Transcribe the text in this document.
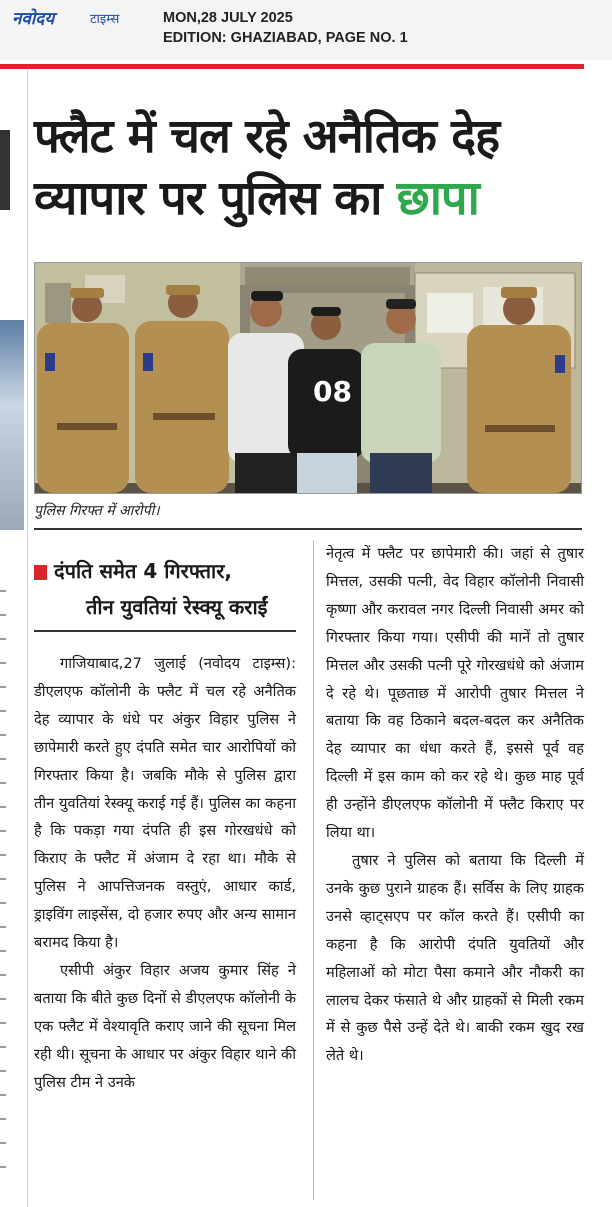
नवोदय	टाइम्स	MON,28 JULY 2025
EDITION: GHAZIABAD, PAGE NO. 1
फ्लैट में चल रहे अनैतिक देह
व्यापार पर पुलिस का छापा
08
पुलिस गिरफ्त में आरोपी।
दंपति समेत 4 गिरफ्तार,
तीन युवतियां रेस्क्यू कराईं

गाजियाबाद,27 जुलाई (नवोदय टाइम्स): डीएलएफ कॉलोनी के फ्लैट में चल रहे अनैतिक देह व्यापार के धंधे पर अंकुर विहार पुलिस ने छापेमारी करते हुए दंपति समेत चार आरोपियों को गिरफ्तार किया है। जबकि मौके से पुलिस द्वारा तीन युवतियां रेस्क्यू कराई गई हैं। पुलिस का कहना है कि पकड़ा गया दंपति ही इस गोरखधंधे को किराए के फ्लैट में अंजाम दे रहा था। मौके से पुलिस ने आपत्तिजनक वस्तुएं, आधार कार्ड, ड्राइविंग लाइसेंस, दो हजार रुपए और अन्य सामान बरामद किया है।

एसीपी अंकुर विहार अजय कुमार सिंह ने बताया कि बीते कुछ दिनों से डीएलएफ कॉलोनी के एक फ्लैट में वेश्यावृति कराए जाने की सूचना मिल रही थी। सूचना के आधार पर अंकुर विहार थाने की पुलिस टीम ने उनके

नेतृत्व में फ्लैट पर छापेमारी की। जहां से तुषार मित्तल, उसकी पत्नी, वेद विहार कॉलोनी निवासी कृष्णा और करावल नगर दिल्ली निवासी अमर को गिरफ्तार किया गया। एसीपी की मानें तो तुषार मित्तल और उसकी पत्नी पूरे गोरखधंधे को अंजाम दे रहे थे। पूछताछ में आरोपी तुषार मित्तल ने बताया कि वह ठिकाने बदल-बदल कर अनैतिक देह व्यापार का धंधा करते हैं, इससे पूर्व वह दिल्ली में इस काम को कर रहे थे। कुछ माह पूर्व ही उन्होंने डीएलएफ कॉलोनी में फ्लैट किराए पर लिया था।

तुषार ने पुलिस को बताया कि दिल्ली में उनके कुछ पुराने ग्राहक हैं। सर्विस के लिए ग्राहक उनसे व्हाट्सएप पर कॉल करते हैं। एसीपी का कहना है कि आरोपी दंपति युवतियों और महिलाओं को मोटा पैसा कमाने और नौकरी का लालच देकर फंसाते थे और ग्राहकों से मिली रकम में से कुछ पैसे उन्हें देते थे। बाकी रकम खुद रख लेते थे।
